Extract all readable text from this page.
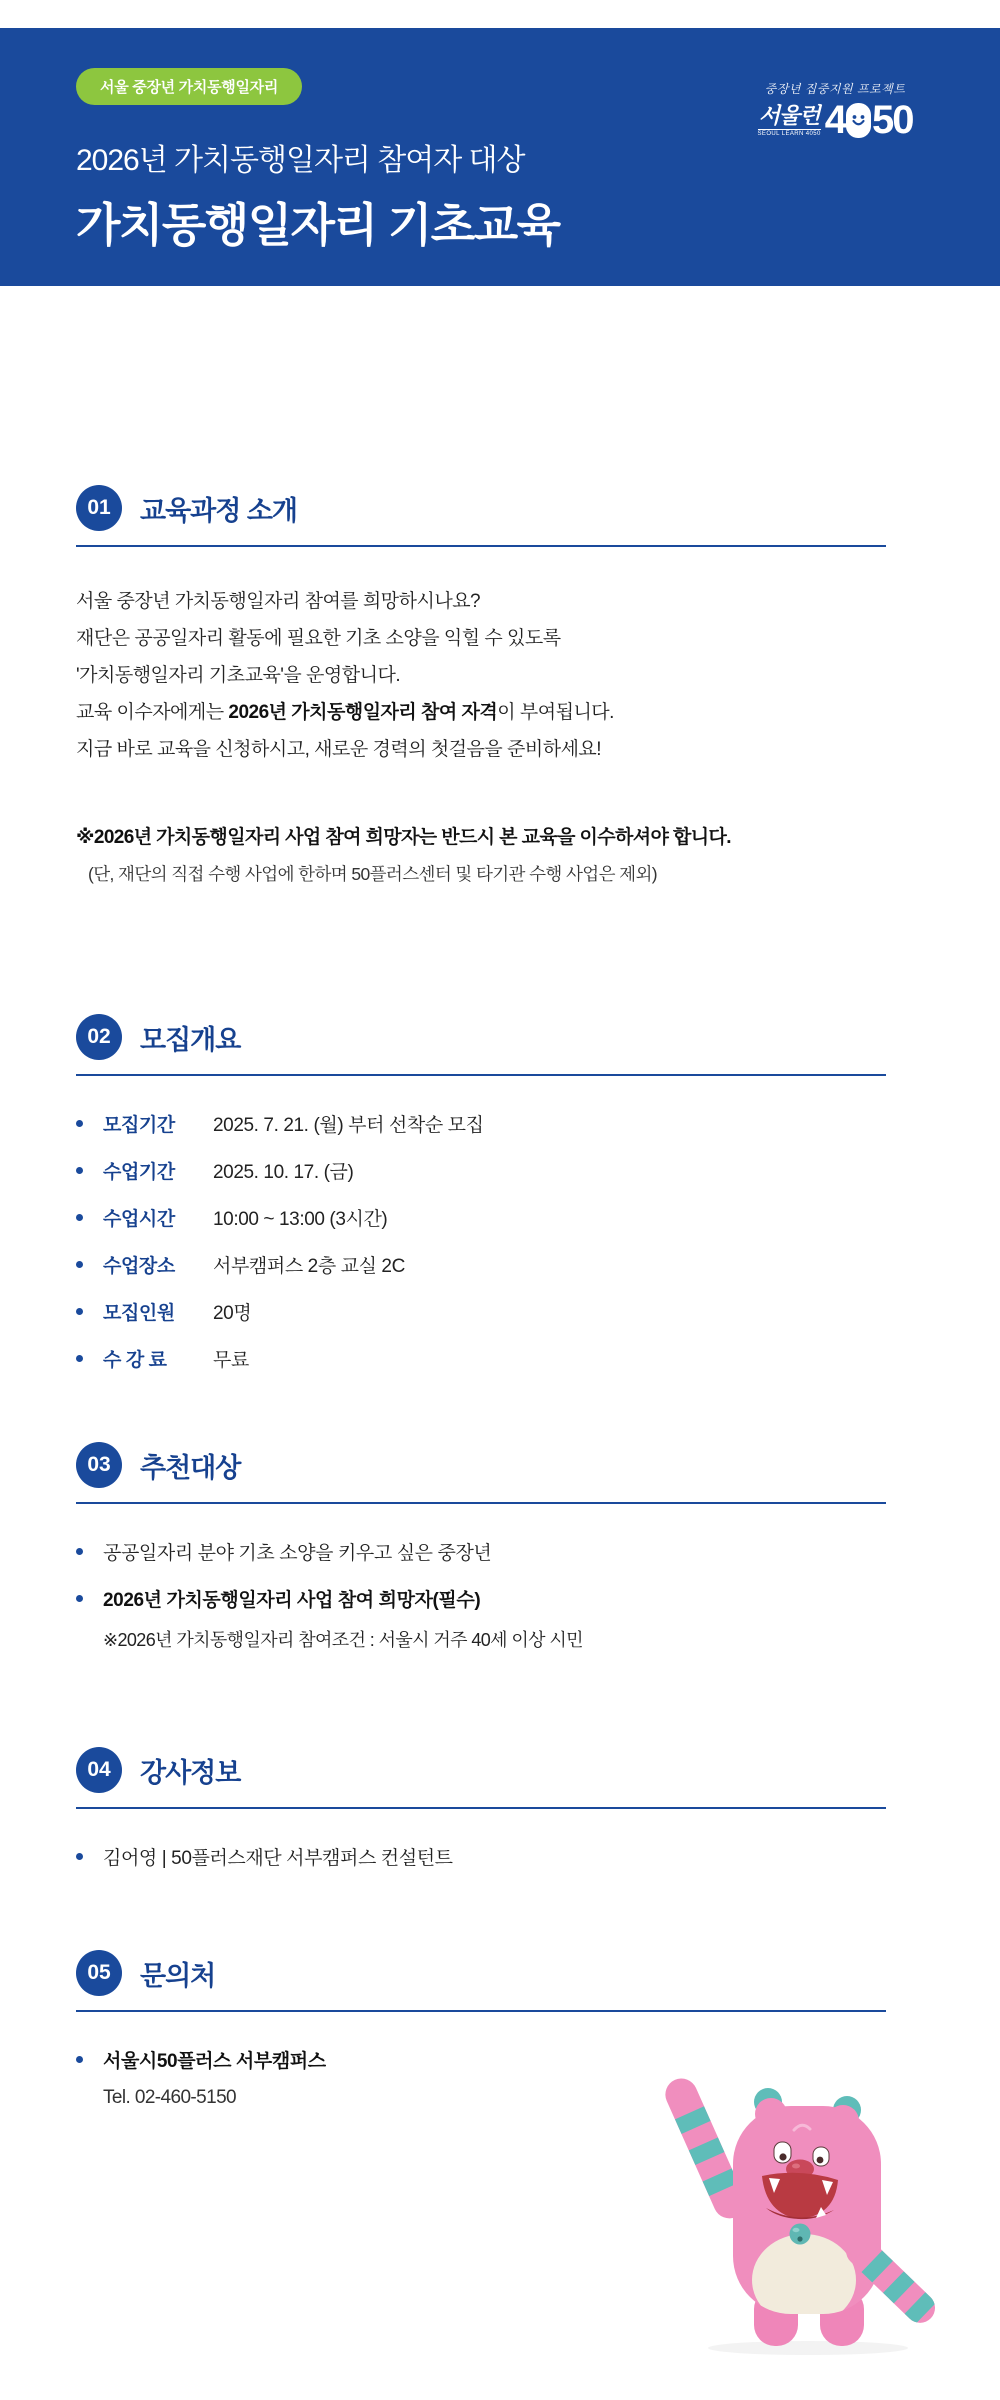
서울 중장년 가치동행일자리	중장년 집중지원 프로젝트
서울런
SEOUL LEARN 4050 4 50
2026년 가치동행일자리 참여자 대상
가치동행일자리 기초교육
01	교육과정 소개
서울 중장년 가치동행일자리 참여를 희망하시나요?
재단은 공공일자리 활동에 필요한 기초 소양을 익힐 수 있도록
'가치동행일자리 기초교육'을 운영합니다.
교육 이수자에게는 2026년 가치동행일자리 참여 자격이 부여됩니다.
지금 바로 교육을 신청하시고, 새로운 경력의 첫걸음을 준비하세요!
※2026년 가치동행일자리 사업 참여 희망자는 반드시 본 교육을 이수하셔야 합니다.
(단, 재단의 직접 수행 사업에 한하며 50플러스센터 및 타기관 수행 사업은 제외)
02	모집개요
모집기간	2025. 7. 21. (월) 부터 선착순 모집
수업기간	2025. 10. 17. (금)
수업시간	10:00 ~ 13:00 (3시간)
수업장소	서부캠퍼스 2층 교실 2C
모집인원	20명
수 강 료	무료
03	추천대상
공공일자리 분야 기초 소양을 키우고 싶은 중장년
2026년 가치동행일자리 사업 참여 희망자(필수)
※2026년 가치동행일자리 참여조건 : 서울시 거주 40세 이상 시민
04	강사정보
김어영 | 50플러스재단 서부캠퍼스 컨설턴트
05	문의처
서울시50플러스 서부캠퍼스
Tel. 02-460-5150
